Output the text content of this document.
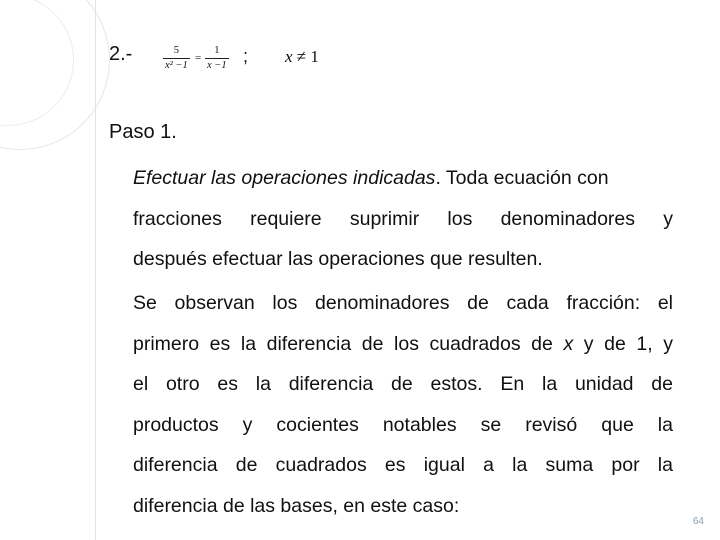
2.-	5
x² −1
=
1
x −1 ; x ≠ 1
Paso 1.
Efectuar las operaciones indicadas. Toda ecuación con
fracciones requiere suprimir los denominadores y
después efectuar las operaciones que resulten.
Se observan los denominadores de cada fracción: el
primero es la diferencia de los cuadrados de x y de 1, y
el otro es la diferencia de estos. En la unidad de
productos y cocientes notables se revisó que la
diferencia de cuadrados es igual a la suma por la
diferencia de las bases, en este caso:
64
